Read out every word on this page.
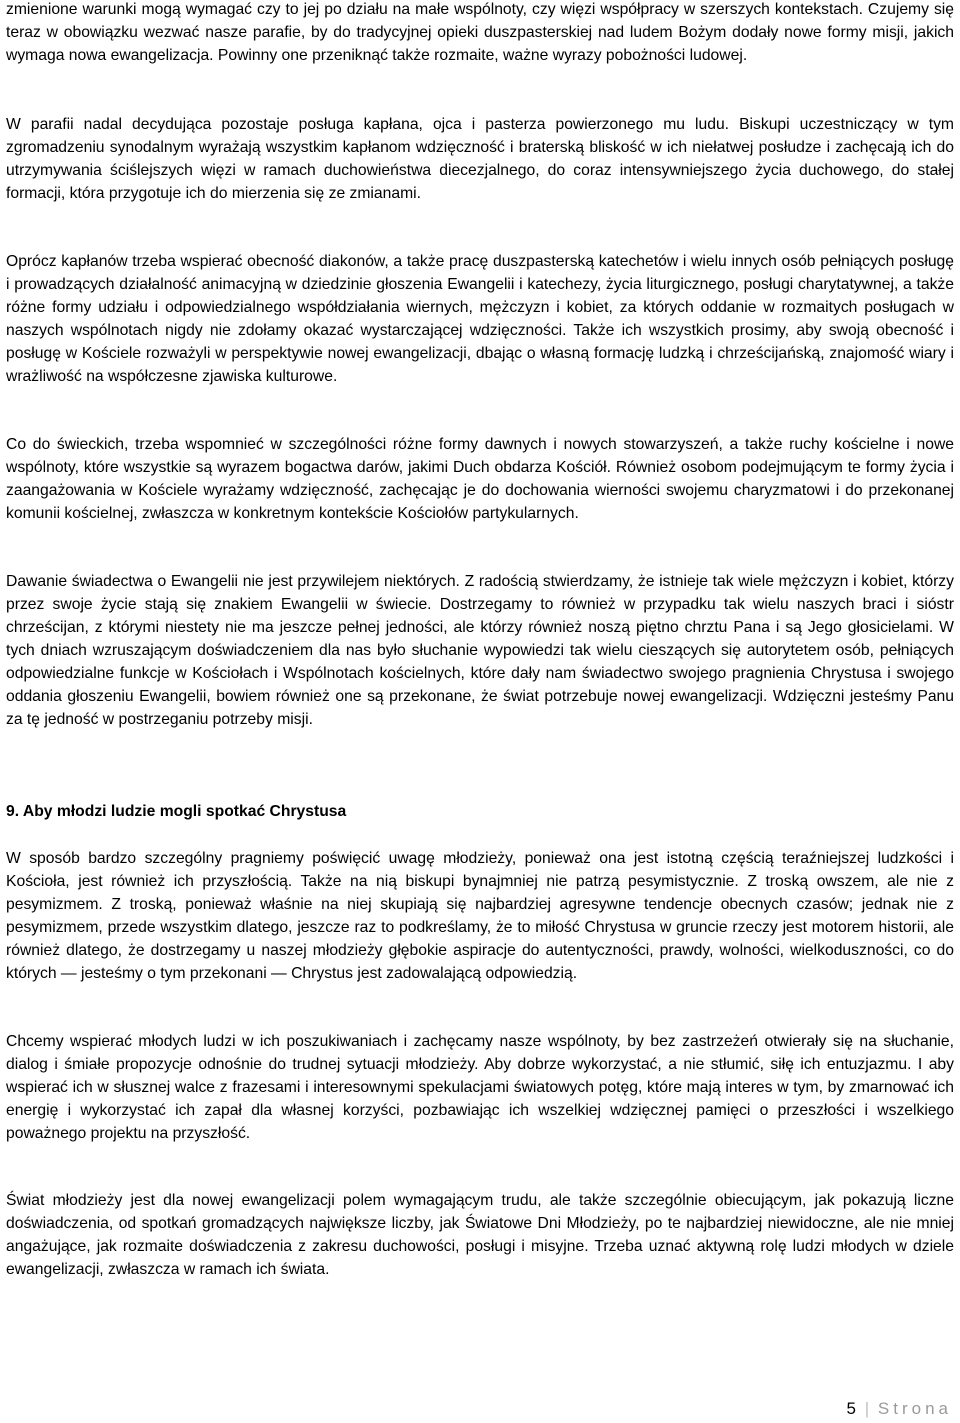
zmienione warunki mogą wymagać czy to jej po działu na małe wspólnoty, czy więzi współpracy w szerszych kontekstach. Czujemy się teraz w obowiązku wezwać nasze parafie, by do tradycyjnej opieki duszpasterskiej nad ludem Bożym dodały nowe formy misji, jakich wymaga nowa ewangelizacja. Powinny one przeniknąć także rozmaite, ważne wyrazy pobożności ludowej.

W parafii nadal decydująca pozostaje posługa kapłana, ojca i pasterza powierzonego mu ludu. Biskupi uczestniczący w tym zgromadzeniu synodalnym wyrażają wszystkim kapłanom wdzięczność i braterską bliskość w ich niełatwej posłudze i zachęcają ich do utrzymywania ściślejszych więzi w ramach duchowieństwa diecezjalnego, do coraz intensywniejszego życia duchowego, do stałej formacji, która przygotuje ich do mierzenia się ze zmianami.

Oprócz kapłanów trzeba wspierać obecność diakonów, a także pracę duszpasterską katechetów i wielu innych osób pełniących posługę i prowadzących działalność animacyjną w dziedzinie głoszenia Ewangelii i katechezy, życia liturgicznego, posługi charytatywnej, a także różne formy udziału i odpowiedzialnego współdziałania wiernych, mężczyzn i kobiet, za których oddanie w rozmaitych posługach w naszych wspólnotach nigdy nie zdołamy okazać wystarczającej wdzięczności. Także ich wszystkich prosimy, aby swoją obecność i posługę w Kościele rozważyli w perspektywie nowej ewangelizacji, dbając o własną formację ludzką i chrześcijańską, znajomość wiary i wrażliwość na współczesne zjawiska kulturowe.

Co do świeckich, trzeba wspomnieć w szczególności różne formy dawnych i nowych stowarzyszeń, a także ruchy kościelne i nowe wspólnoty, które wszystkie są wyrazem bogactwa darów, jakimi Duch obdarza Kościół. Również osobom podejmującym te formy życia i zaangażowania w Kościele wyrażamy wdzięczność, zachęcając je do dochowania wierności swojemu charyzmatowi i do przekonanej komunii kościelnej, zwłaszcza w konkretnym kontekście Kościołów partykularnych.

Dawanie świadectwa o Ewangelii nie jest przywilejem niektórych. Z radością stwierdzamy, że istnieje tak wiele mężczyzn i kobiet, którzy przez swoje życie stają się znakiem Ewangelii w świecie. Dostrzegamy to również w przypadku tak wielu naszych braci i sióstr chrześcijan, z którymi niestety nie ma jeszcze pełnej jedności, ale którzy również noszą piętno chrztu Pana i są Jego głosicielami. W tych dniach wzruszającym doświadczeniem dla nas było słuchanie wypowiedzi tak wielu cieszących się autorytetem osób, pełniących odpowiedzialne funkcje w Kościołach i Wspólnotach kościelnych, które dały nam świadectwo swojego pragnienia Chrystusa i swojego oddania głoszeniu Ewangelii, bowiem również one są przekonane, że świat potrzebuje nowej ewangelizacji. Wdzięczni jesteśmy Panu za tę jedność w postrzeganiu potrzeby misji.

9. Aby młodzi ludzie mogli spotkać Chrystusa

W sposób bardzo szczególny pragniemy poświęcić uwagę młodzieży, ponieważ ona jest istotną częścią teraźniejszej ludzkości i Kościoła, jest również ich przyszłością. Także na nią biskupi bynajmniej nie patrzą pesymistycznie. Z troską owszem, ale nie z pesymizmem. Z troską, ponieważ właśnie na niej skupiają się najbardziej agresywne tendencje obecnych czasów; jednak nie z pesymizmem, przede wszystkim dlatego, jeszcze raz to podkreślamy, że to miłość Chrystusa w gruncie rzeczy jest motorem historii, ale również dlatego, że dostrzegamy u naszej młodzieży głębokie aspiracje do autentyczności, prawdy, wolności, wielkoduszności, co do których — jesteśmy o tym przekonani — Chrystus jest zadowalającą odpowiedzią.

Chcemy wspierać młodych ludzi w ich poszukiwaniach i zachęcamy nasze wspólnoty, by bez zastrzeżeń otwierały się na słuchanie, dialog i śmiałe propozycje odnośnie do trudnej sytuacji młodzieży. Aby dobrze wykorzystać, a nie stłumić, siłę ich entuzjazmu. I aby wspierać ich w słusznej walce z frazesami i interesownymi spekulacjami światowych potęg, które mają interes w tym, by zmarnować ich energię i wykorzystać ich zapał dla własnej korzyści, pozbawiając ich wszelkiej wdzięcznej pamięci o przeszłości i wszelkiego poważnego projektu na przyszłość.

Świat młodzieży jest dla nowej ewangelizacji polem wymagającym trudu, ale także szczególnie obiecującym, jak pokazują liczne doświadczenia, od spotkań gromadzących największe liczby, jak Światowe Dni Młodzieży, po te najbardziej niewidoczne, ale nie mniej angażujące, jak rozmaite doświadczenia z zakresu duchowości, posługi i misyjne. Trzeba uznać aktywną rolę ludzi młodych w dziele ewangelizacji, zwłaszcza w ramach ich świata.

5 | Strona
